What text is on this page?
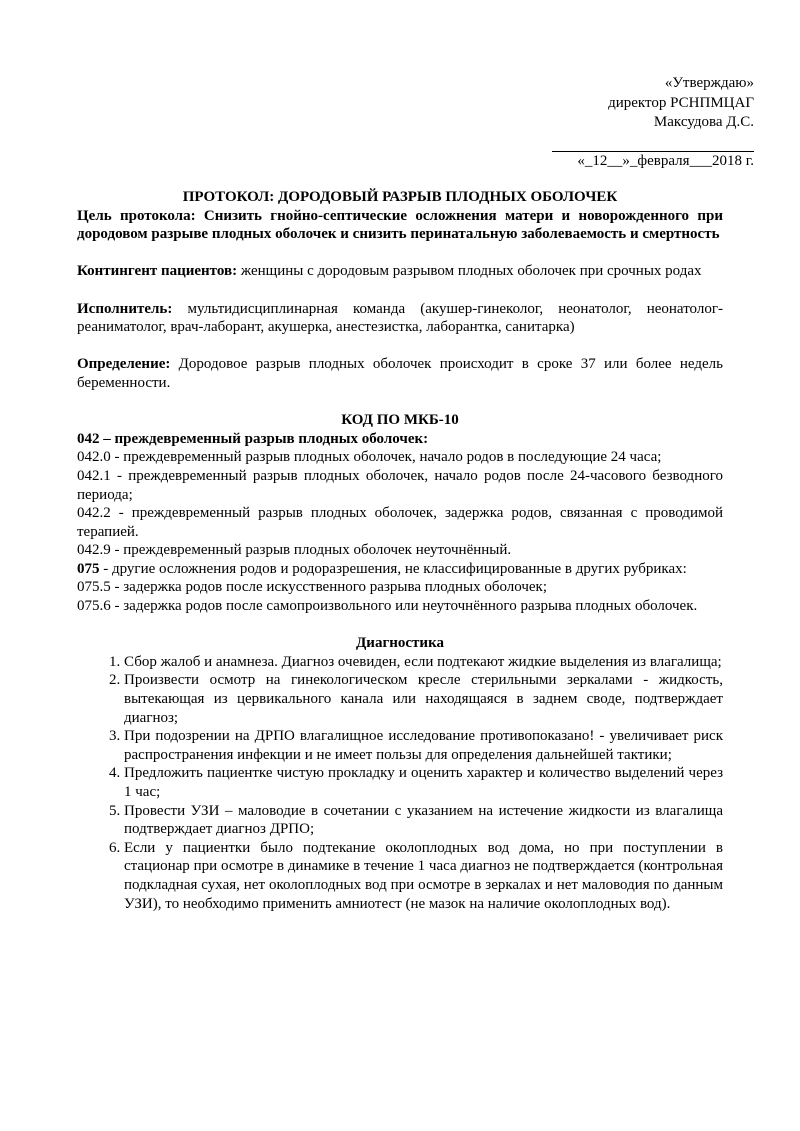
«Утверждаю»
директор РСНПМЦАГ
Максудова Д.С.
«_12__»_февраля___2018 г.

ПРОТОКОЛ: ДОРОДОВЫЙ РАЗРЫВ ПЛОДНЫХ ОБОЛОЧЕК

Цель протокола: Снизить гнойно-септические осложнения матери и новорожденного при дородовом разрыве плодных оболочек и снизить перинатальную заболеваемость и смертность

Контингент пациентов: женщины с дородовым разрывом плодных оболочек при срочных родах

Исполнитель: мультидисциплинарная команда (акушер-гинеколог, неонатолог, неонатолог-реаниматолог, врач-лаборант, акушерка, анестезистка, лаборантка, санитарка)

Определение: Дородовое разрыв плодных оболочек происходит в сроке 37 или более недель беременности.

КОД ПО МКБ-10

042 – преждевременный разрыв плодных оболочек:

042.0 - преждевременный разрыв плодных оболочек, начало родов в последующие 24 часа;

042.1 - преждевременный разрыв плодных оболочек, начало родов после 24-часового безводного периода;

042.2 - преждевременный разрыв плодных оболочек, задержка родов, связанная с проводимой терапией.

042.9 - преждевременный разрыв плодных оболочек неуточнённый.

075 - другие осложнения родов и родоразрешения, не классифицированные в других рубриках:

075.5 - задержка родов после искусственного разрыва плодных оболочек;

075.6 - задержка родов после самопроизвольного или неуточнённого разрыва плодных оболочек.

Диагностика

1. Сбор жалоб и анамнеза. Диагноз очевиден, если подтекают жидкие выделения из влагалища;
2. Произвести осмотр на гинекологическом кресле стерильными зеркалами - жидкость, вытекающая из цервикального канала или находящаяся в заднем своде, подтверждает диагноз;
3. При подозрении на ДРПО влагалищное исследование противопоказано! - увеличивает риск распространения инфекции и не имеет пользы для определения дальнейшей тактики;
4. Предложить пациентке чистую прокладку и оценить характер и количество выделений через 1 час;
5. Провести УЗИ – маловодие в сочетании с указанием на истечение жидкости из влагалища подтверждает диагноз ДРПО;
6. Если у пациентки было подтекание околоплодных вод дома, но при поступлении в стационар при осмотре в динамике в течение 1 часа диагноз не подтверждается (контрольная подкладная сухая, нет околоплодных вод при осмотре в зеркалах и нет маловодия по данным УЗИ), то необходимо применить амниотест (не мазок на наличие околоплодных вод).
